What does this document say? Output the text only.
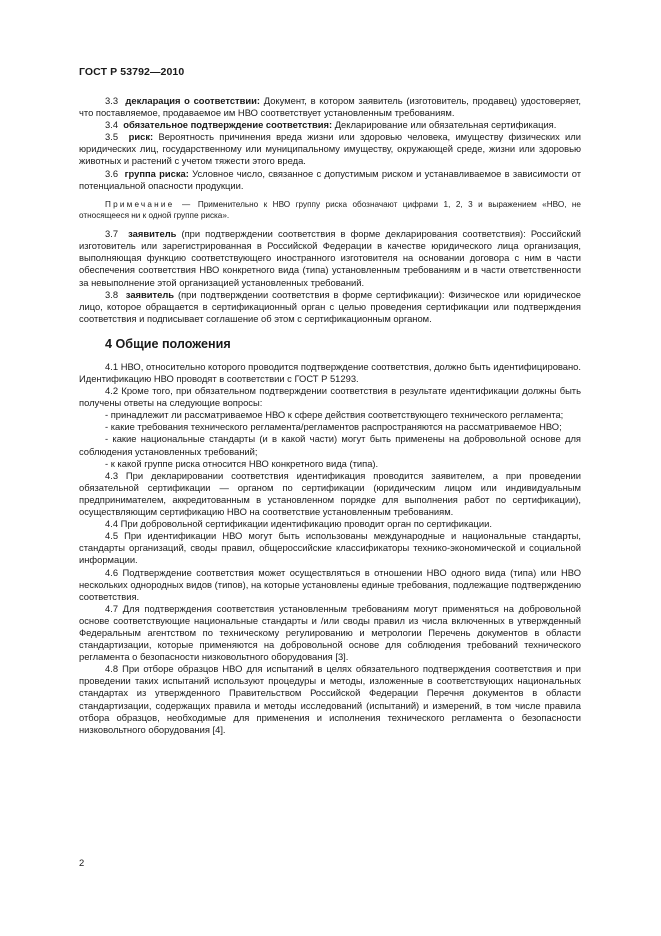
ГОСТ Р 53792—2010

3.3 декларация о соответствии: Документ, в котором заявитель (изготовитель, продавец) удостоверяет, что поставляемое, продаваемое им НВО соответствует установленным требованиям.

3.4 обязательное подтверждение соответствия: Декларирование или обязательная сертификация.

3.5 риск: Вероятность причинения вреда жизни или здоровью человека, имуществу физических или юридических лиц, государственному или муниципальному имуществу, окружающей среде, жизни или здоровью животных и растений с учетом тяжести этого вреда.

3.6 группа риска: Условное число, связанное с допустимым риском и устанавливаемое в зависимости от потенциальной опасности продукции.

Примечание — Применительно к НВО группу риска обозначают цифрами 1, 2, 3 и выражением «НВО, не относящееся ни к одной группе риска».

3.7 заявитель (при подтверждении соответствия в форме декларирования соответствия): Российский изготовитель или зарегистрированная в Российской Федерации в качестве юридического лица организация, выполняющая функцию соответствующего иностранного изготовителя на основании договора с ним в части обеспечения соответствия НВО конкретного вида (типа) установленным требованиям и в части ответственности за невыполнение этой организацией установленных требований.

3.8 заявитель (при подтверждении соответствия в форме сертификации): Физическое или юридическое лицо, которое обращается в сертификационный орган с целью проведения сертификации или подтверждения соответствия и подписывает соглашение об этом с сертификационным органом.

4 Общие положения

4.1 НВО, относительно которого проводится подтверждение соответствия, должно быть идентифицировано. Идентификацию НВО проводят в соответствии с ГОСТ Р 51293.

4.2 Кроме того, при обязательном подтверждении соответствия в результате идентификации должны быть получены ответы на следующие вопросы:

- принадлежит ли рассматриваемое НВО к сфере действия соответствующего технического регламента;

- какие требования технического регламента/регламентов распространяются на рассматриваемое НВО;

- какие национальные стандарты (и в какой части) могут быть применены на добровольной основе для соблюдения установленных требований;

- к какой группе риска относится НВО конкретного вида (типа).

4.3 При декларировании соответствия идентификация проводится заявителем, а при проведении обязательной сертификации — органом по сертификации (юридическим лицом или индивидуальным предпринимателем, аккредитованным в установленном порядке для выполнения работ по сертификации), осуществляющим сертификацию НВО на соответствие установленным требованиям.

4.4 При добровольной сертификации идентификацию проводит орган по сертификации.

4.5 При идентификации НВО могут быть использованы международные и национальные стандарты, стандарты организаций, своды правил, общероссийские классификаторы технико-экономической и социальной информации.

4.6 Подтверждение соответствия может осуществляться в отношении НВО одного вида (типа) или НВО нескольких однородных видов (типов), на которые установлены единые требования, подлежащие подтверждению соответствия.

4.7 Для подтверждения соответствия установленным требованиям могут применяться на добровольной основе соответствующие национальные стандарты и /или своды правил из числа включенных в утвержденный Федеральным агентством по техническому регулированию и метрологии Перечень документов в области стандартизации, которые применяются на добровольной основе для соблюдения требований технического регламента о безопасности низковольтного оборудования [3].

4.8 При отборе образцов НВО для испытаний в целях обязательного подтверждения соответствия и при проведении таких испытаний используют процедуры и методы, изложенные в соответствующих национальных стандартах из утвержденного Правительством Российской Федерации Перечня документов в области стандартизации, содержащих правила и методы исследований (испытаний) и измерений, в том числе правила отбора образцов, необходимые для применения и исполнения технического регламента о безопасности низковольтного оборудования [4].

2
